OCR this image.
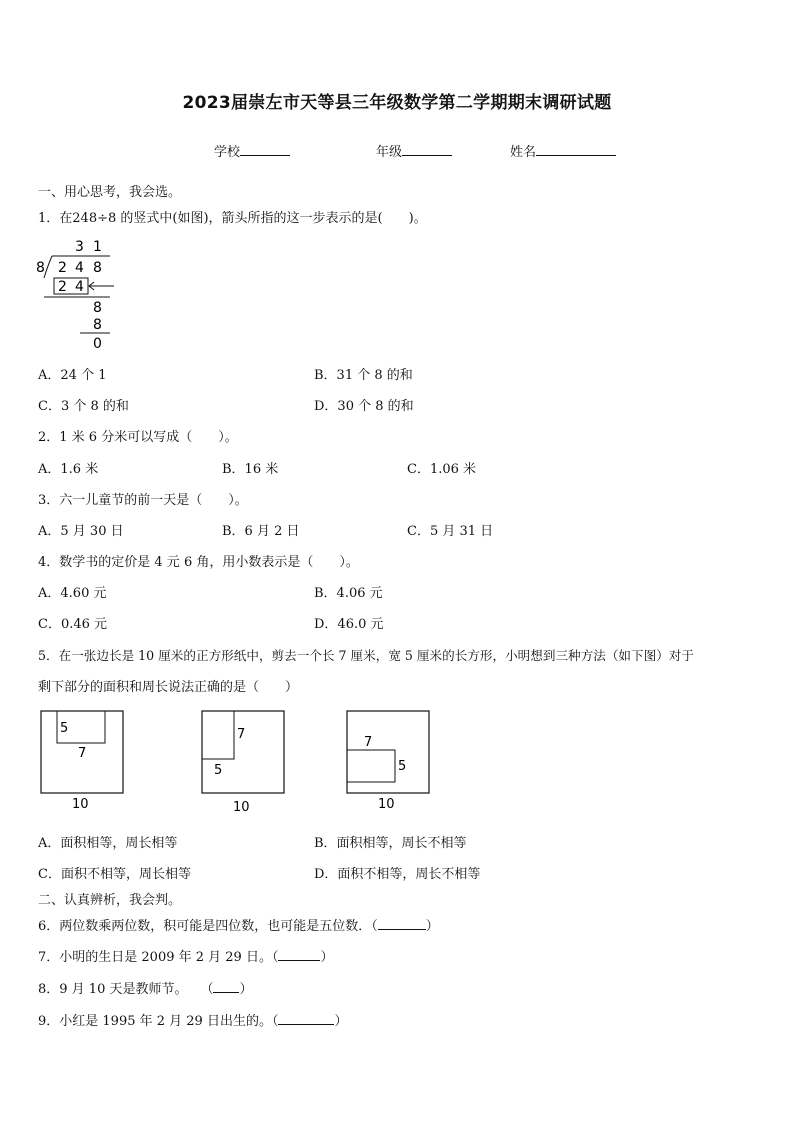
2023届崇左市天等县三年级数学第二学期期末调研试题
学校	年级	姓名
一、用心思考，我会选。
1．在248÷8 的竖式中(如图)，箭头所指的这一步表示的是(　　)。
3 1
8 2 4 8
2 4
8
8
0
A．24 个 1	B．31 个 8 的和
C．3 个 8 的和	D．30 个 8 的和
2．1 米 6 分米可以写成（　　）。
A．1.6 米	B．16 米	C．1.06 米
3．六一儿童节的前一天是（　　）。
A．5 月 30 日	B．6 月 2 日	C．5 月 31 日
4．数学书的定价是 4 元 6 角，用小数表示是（　　）。
A．4.60 元	B．4.06 元
C．0.46 元	D．46.0 元
5．在一张边长是 10 厘米的正方形纸中，剪去一个长 7 厘米，宽 5 厘米的长方形，小明想到三种方法（如下图）对于
剩下部分的面积和周长说法正确的是（　　）
5
7
10
7
5
10
7
5
10
A．面积相等，周长相等	B．面积相等，周长不相等
C．面积不相等，周长相等	D．面积不相等，周长不相等
二、认真辨析，我会判。
6．两位数乘两位数，积可能是四位数，也可能是五位数．（	）
7．小明的生日是 2009 年 2 月 29 日。（	）
8．9 月 10 天是教师节。　　（ ）
9．小红是 1995 年 2 月 29 日出生的。（	）
